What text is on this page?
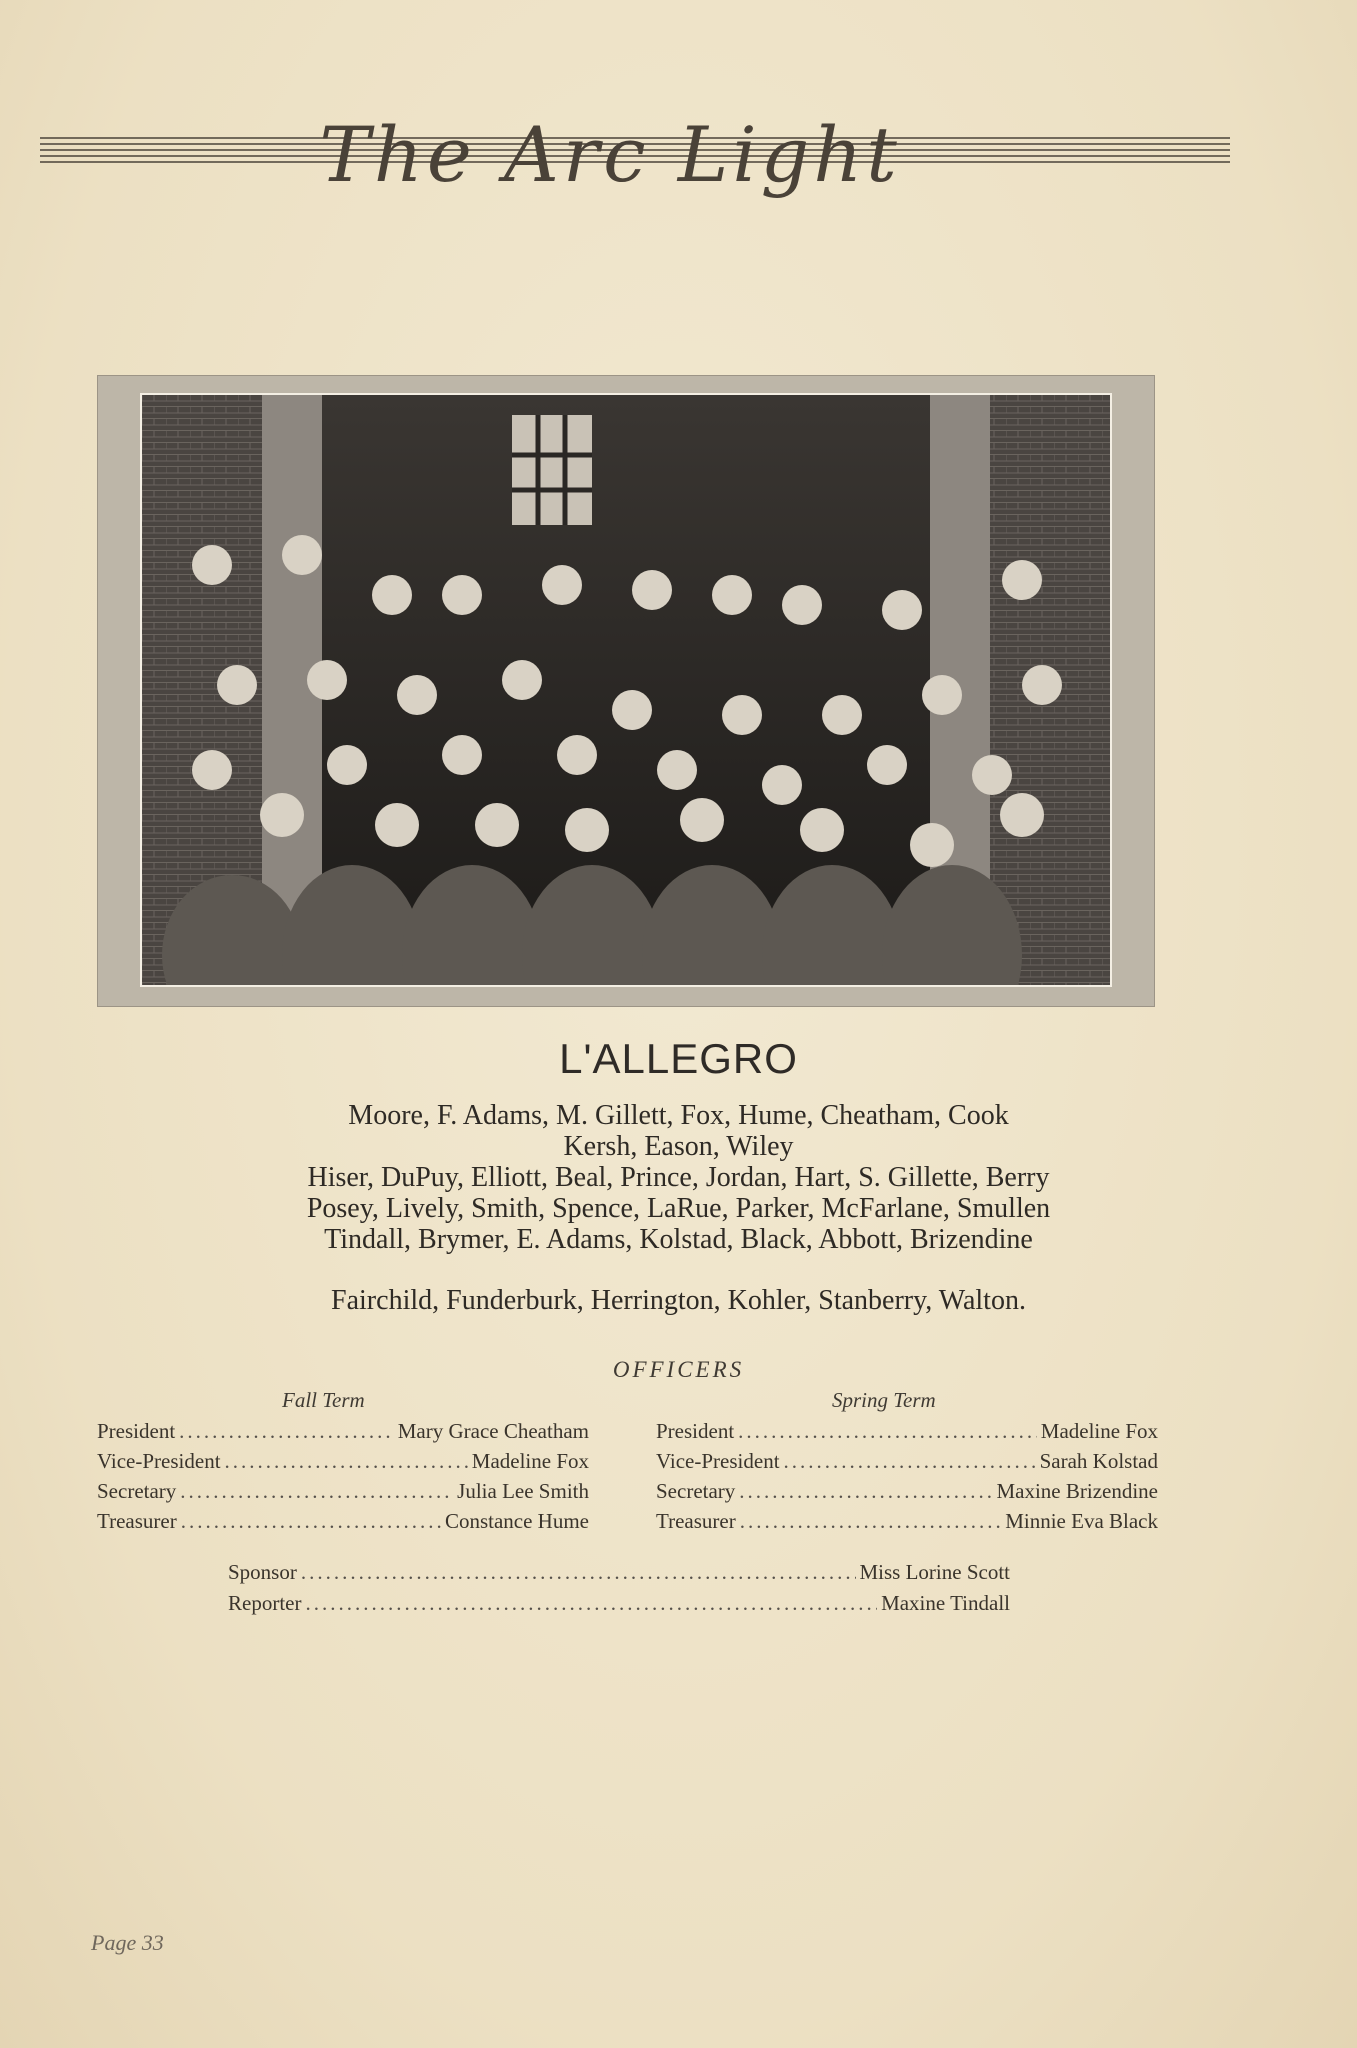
The Arc Light
L'ALLEGRO
Moore, F. Adams, M. Gillett, Fox, Hume, Cheatham, Cook
Kersh, Eason, Wiley
Hiser, DuPuy, Elliott, Beal, Prince, Jordan, Hart, S. Gillette, Berry
Posey, Lively, Smith, Spence, LaRue, Parker, McFarlane, Smullen
Tindall, Brymer, E. Adams, Kolstad, Black, Abbott, Brizendine
Fairchild, Funderburk, Herrington, Kohler, Stanberry, Walton.
OFFICERS
Fall Term	Spring Term
President .....	Mary Grace Cheatham
Vice-President .....	Madeline Fox
Secretary .....	Julia Lee Smith
Treasurer .....	Constance Hume
President .....	Madeline Fox
Vice-President .....	Sarah Kolstad
Secretary .....	Maxine Brizendine
Treasurer .....	Minnie Eva Black
Sponsor .....	Miss Lorine Scott
Reporter .....	Maxine Tindall
Page 33
